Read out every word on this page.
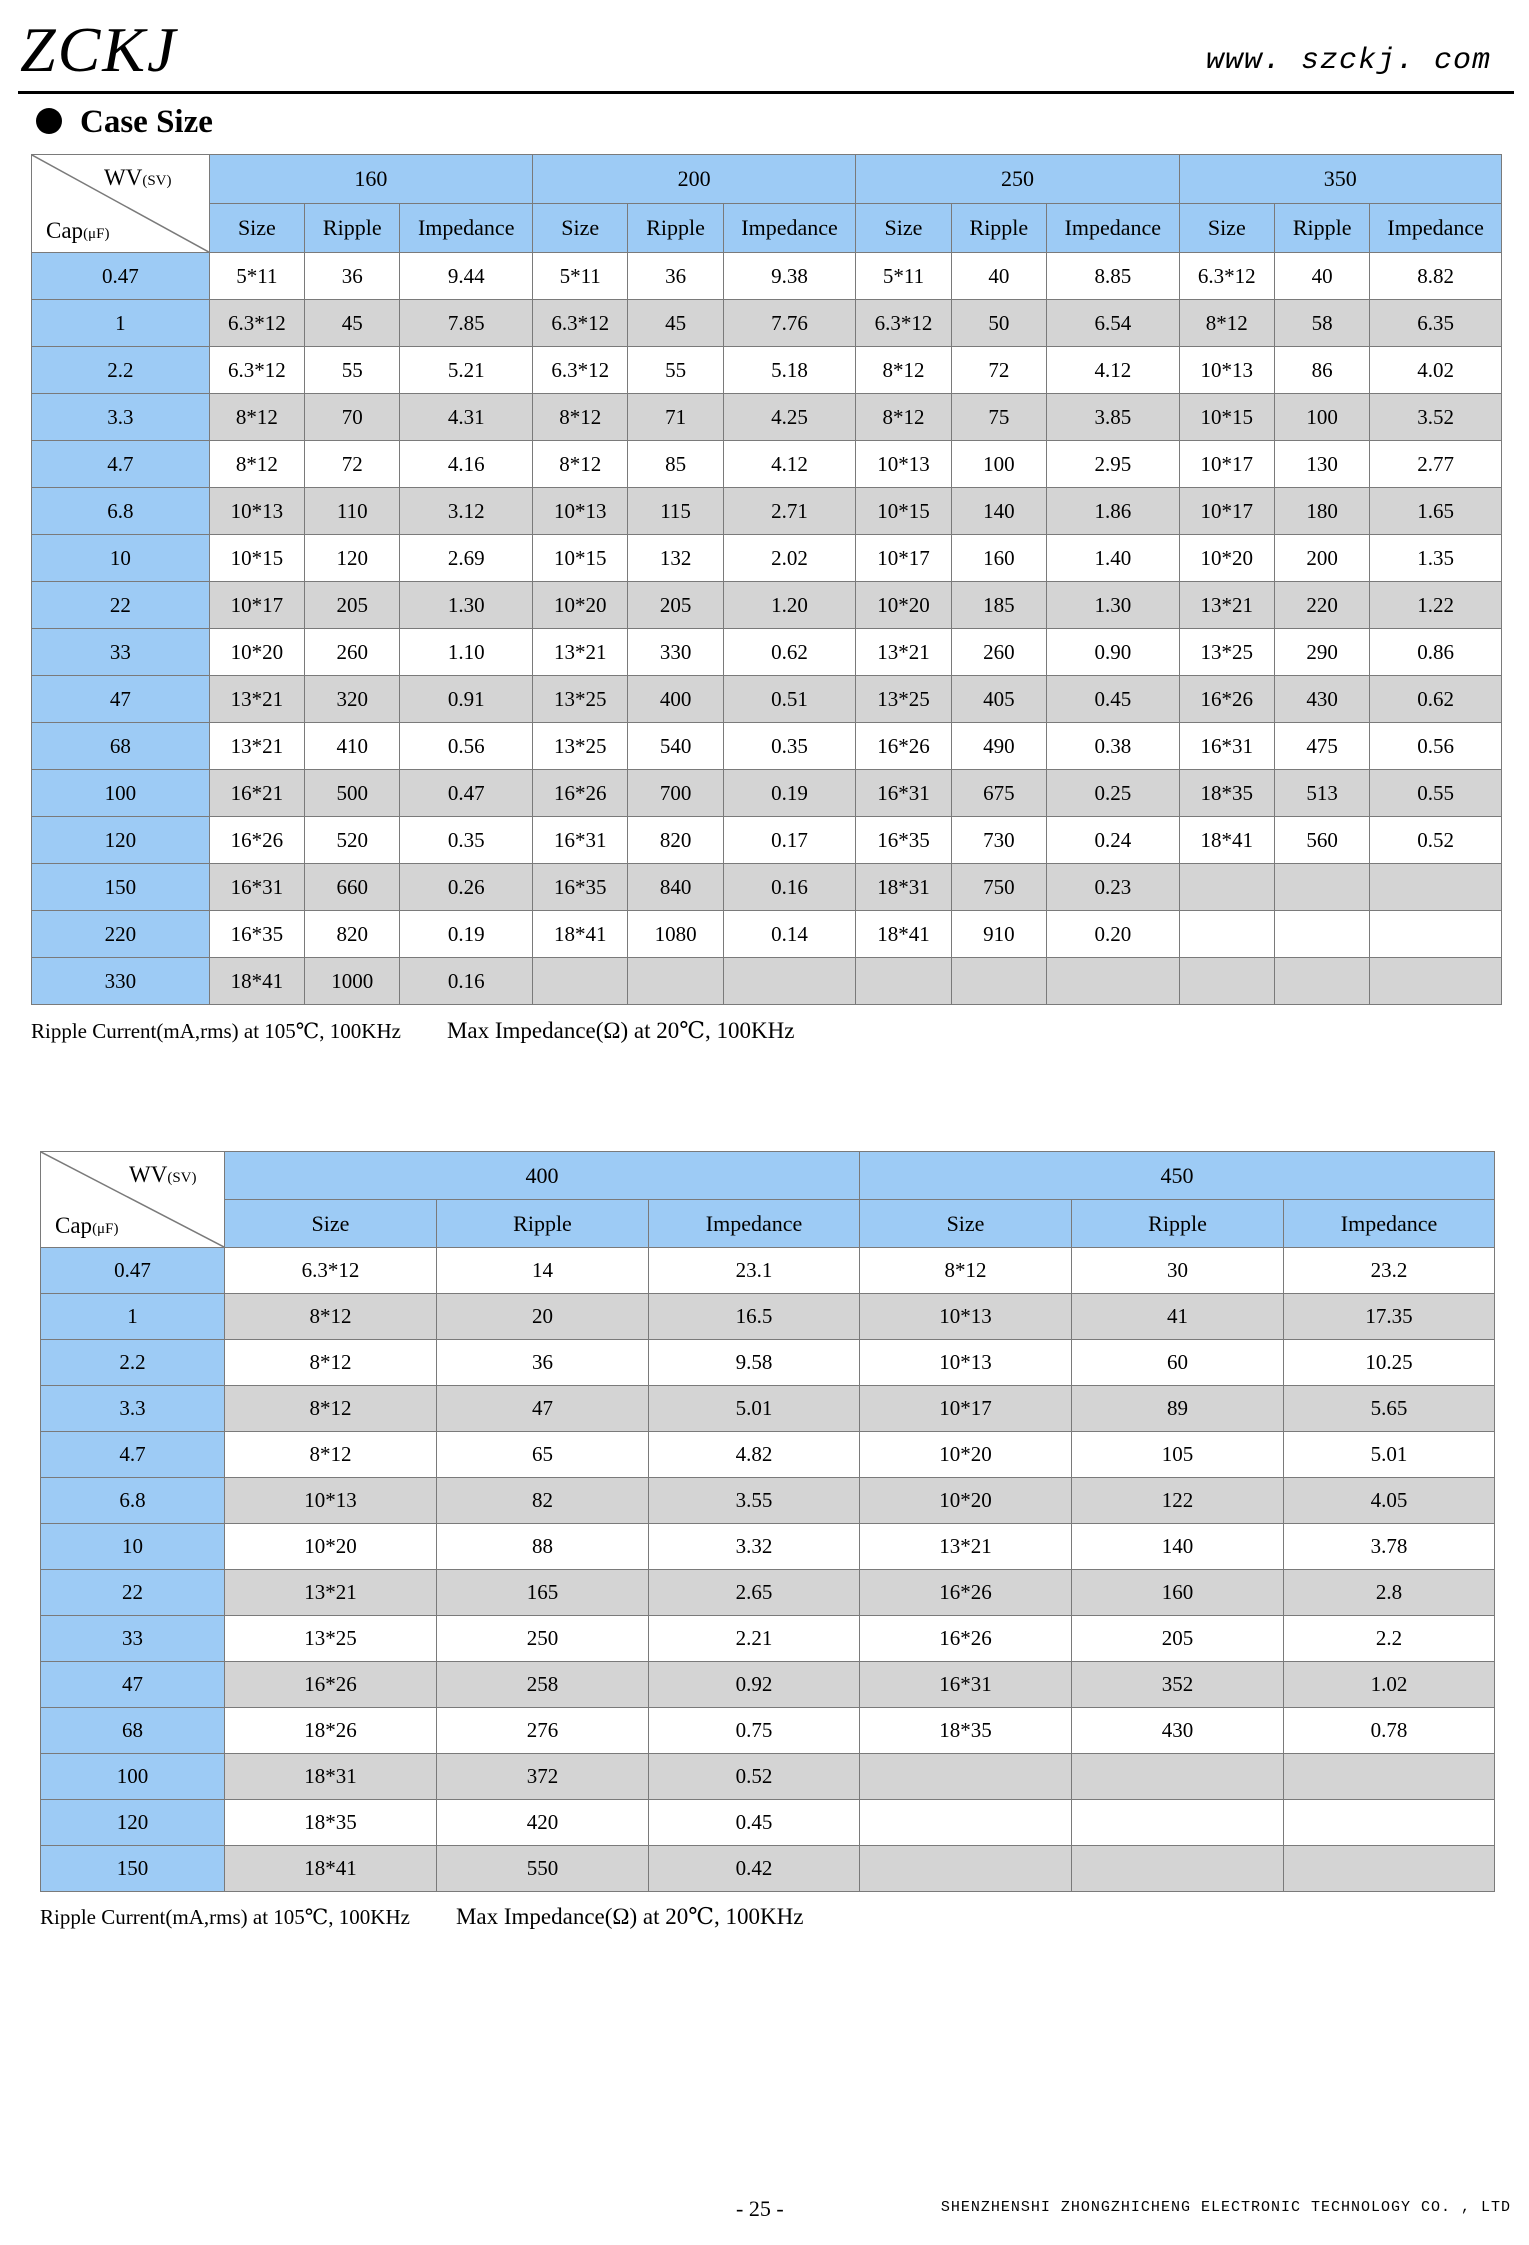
ZCKJ	www. szckj. com
Case Size
WV(SV)
Cap(μF)	160			200			250			350		
	Size	Ripple	Impedance	Size	Ripple	Impedance	Size	Ripple	Impedance	Size	Ripple	Impedance
0.47	5*11	36	9.44	5*11	36	9.38	5*11	40	8.85	6.3*12	40	8.82
1	6.3*12	45	7.85	6.3*12	45	7.76	6.3*12	50	6.54	8*12	58	6.35
2.2	6.3*12	55	5.21	6.3*12	55	5.18	8*12	72	4.12	10*13	86	4.02
3.3	8*12	70	4.31	8*12	71	4.25	8*12	75	3.85	10*15	100	3.52
4.7	8*12	72	4.16	8*12	85	4.12	10*13	100	2.95	10*17	130	2.77
6.8	10*13	110	3.12	10*13	115	2.71	10*15	140	1.86	10*17	180	1.65
10	10*15	120	2.69	10*15	132	2.02	10*17	160	1.40	10*20	200	1.35
22	10*17	205	1.30	10*20	205	1.20	10*20	185	1.30	13*21	220	1.22
33	10*20	260	1.10	13*21	330	0.62	13*21	260	0.90	13*25	290	0.86
47	13*21	320	0.91	13*25	400	0.51	13*25	405	0.45	16*26	430	0.62
68	13*21	410	0.56	13*25	540	0.35	16*26	490	0.38	16*31	475	0.56
100	16*21	500	0.47	16*26	700	0.19	16*31	675	0.25	18*35	513	0.55
120	16*26	520	0.35	16*31	820	0.17	16*35	730	0.24	18*41	560	0.52
150	16*31	660	0.26	16*35	840	0.16	18*31	750	0.23			
220	16*35	820	0.19	18*41	1080	0.14	18*41	910	0.20			
330	18*41	1000	0.16									
Ripple Current(mA,rms) at 105℃, 100KHz Max Impedance(Ω) at 20℃, 100KHz
WV(SV)
Cap(μF)	400			450		
	Size	Ripple	Impedance	Size	Ripple	Impedance
0.47	6.3*12	14	23.1	8*12	30	23.2
1	8*12	20	16.5	10*13	41	17.35
2.2	8*12	36	9.58	10*13	60	10.25
3.3	8*12	47	5.01	10*17	89	5.65
4.7	8*12	65	4.82	10*20	105	5.01
6.8	10*13	82	3.55	10*20	122	4.05
10	10*20	88	3.32	13*21	140	3.78
22	13*21	165	2.65	16*26	160	2.8
33	13*25	250	2.21	16*26	205	2.2
47	16*26	258	0.92	16*31	352	1.02
68	18*26	276	0.75	18*35	430	0.78
100	18*31	372	0.52			
120	18*35	420	0.45			
150	18*41	550	0.42			
Ripple Current(mA,rms) at 105℃, 100KHz Max Impedance(Ω) at 20℃, 100KHz
- 25 -	SHENZHENSHI ZHONGZHICHENG ELECTRONIC TECHNOLOGY CO. , LTD
